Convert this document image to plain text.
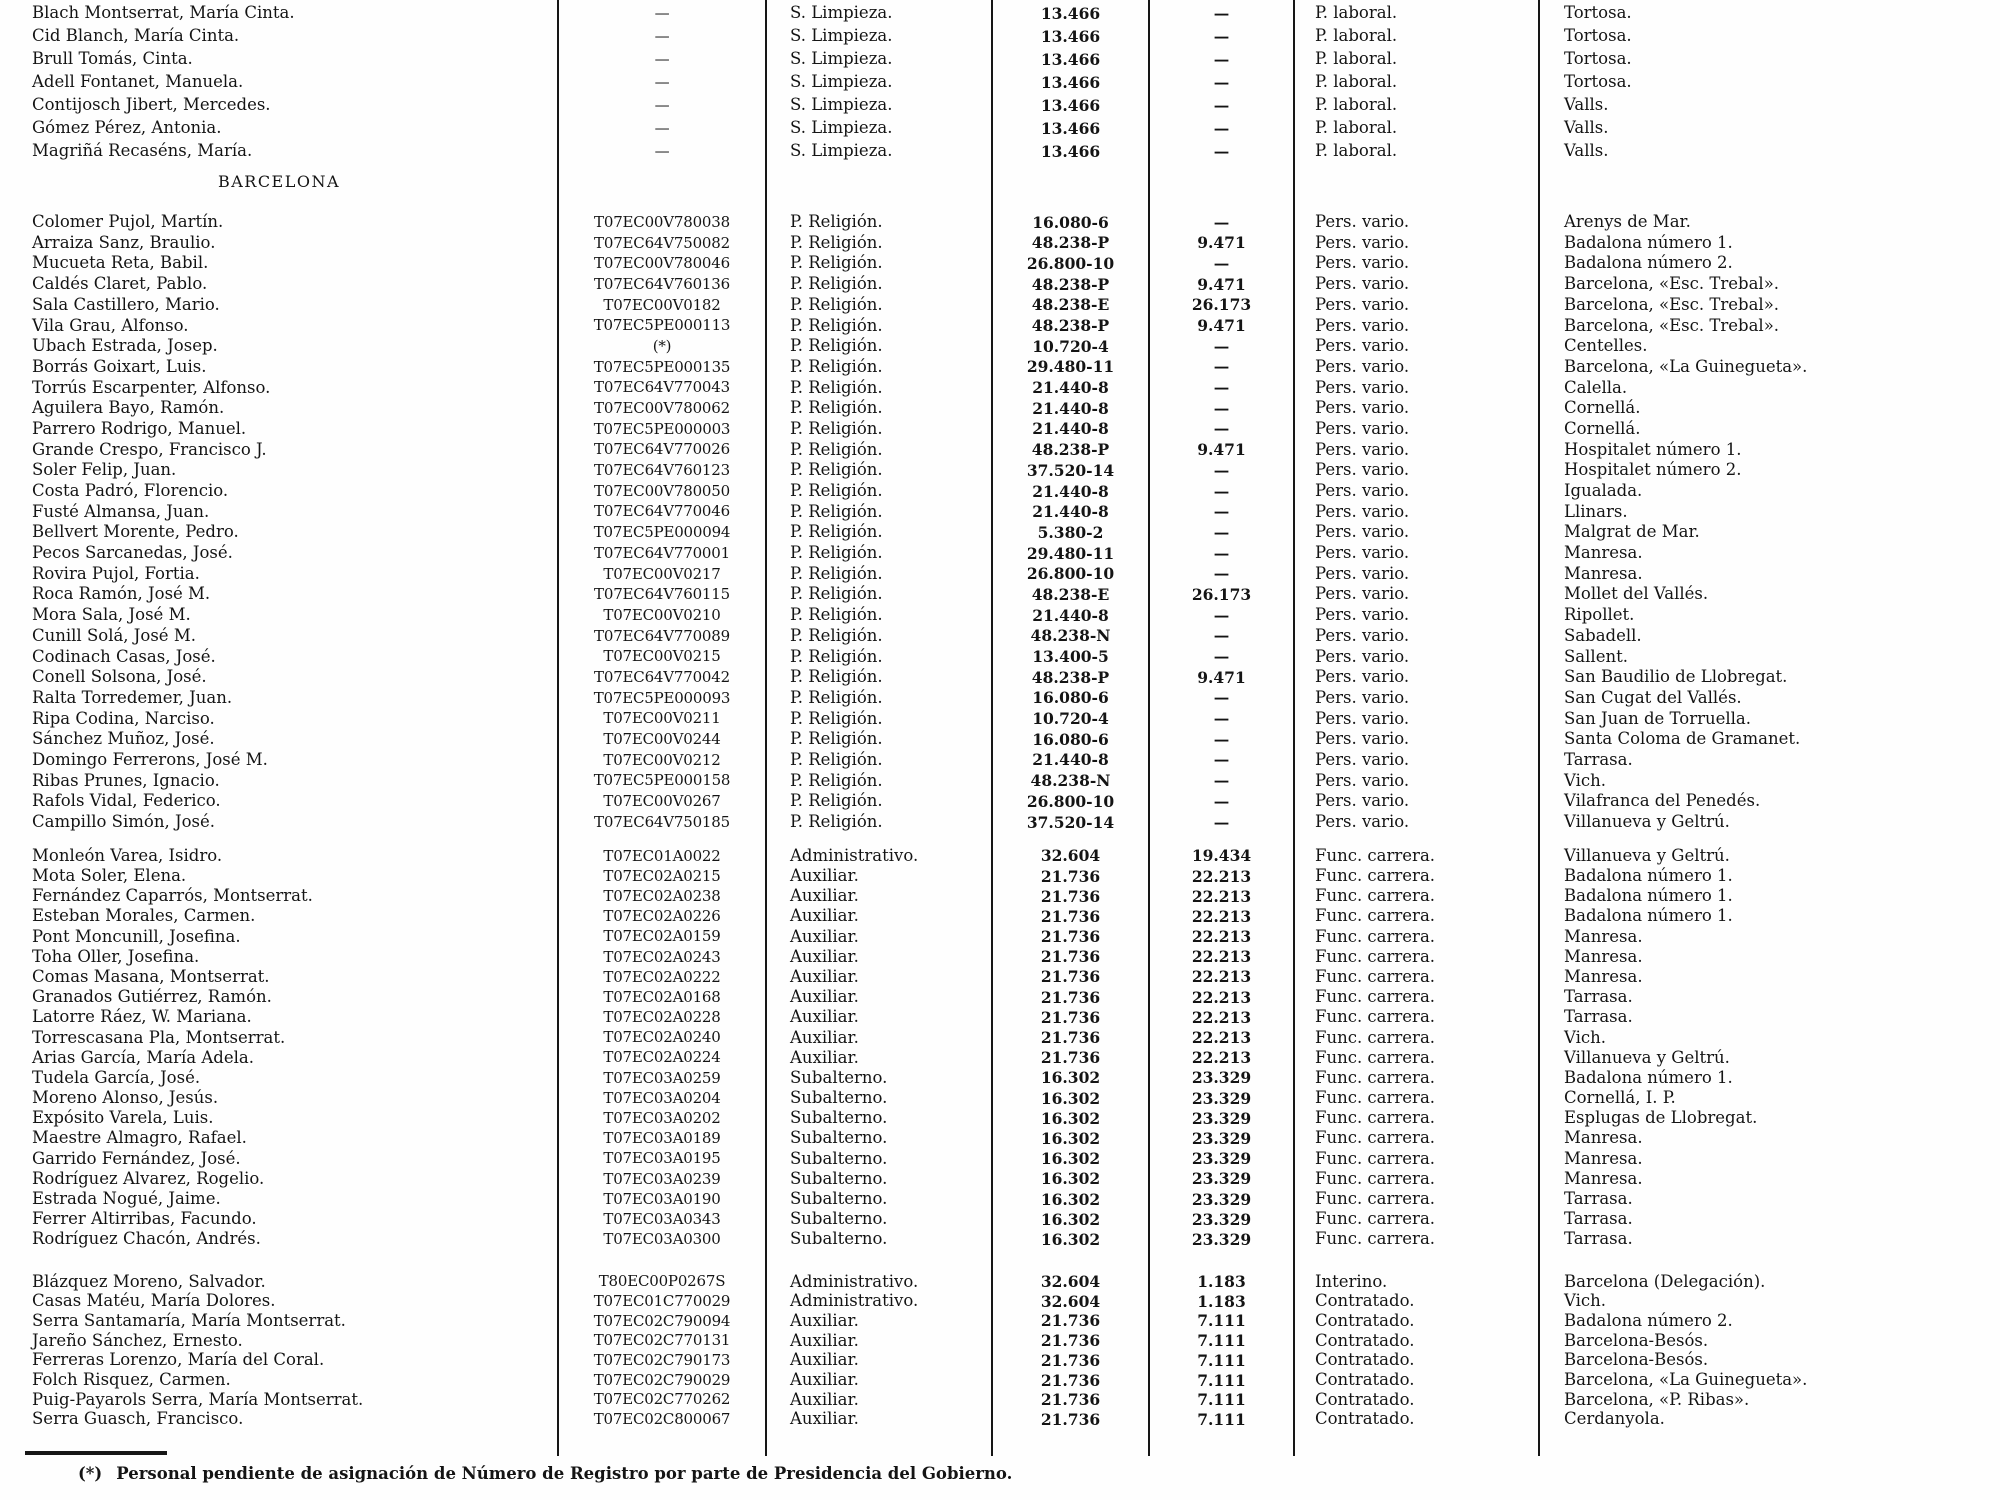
Blach Montserrat, María Cinta.	—	S. Limpieza.	13.466	—	P. laboral.	Tortosa.
Cid Blanch, María Cinta.	—	S. Limpieza.	13.466	—	P. laboral.	Tortosa.
Brull Tomás, Cinta.	—	S. Limpieza.	13.466	—	P. laboral.	Tortosa.
Adell Fontanet, Manuela.	—	S. Limpieza.	13.466	—	P. laboral.	Tortosa.
Contijosch Jibert, Mercedes.	—	S. Limpieza.	13.466	—	P. laboral.	Valls.
Gómez Pérez, Antonia.	—	S. Limpieza.	13.466	—	P. laboral.	Valls.
Magriñá Recaséns, María.	—	S. Limpieza.	13.466	—	P. laboral.	Valls.
BARCELONA
Colomer Pujol, Martín.	T07EC00V780038	P. Religión.	16.080-6	—	Pers. vario.	Arenys de Mar.
Arraiza Sanz, Braulio.	T07EC64V750082	P. Religión.	48.238-P	9.471	Pers. vario.	Badalona número 1.
Mucueta Reta, Babil.	T07EC00V780046	P. Religión.	26.800-10	—	Pers. vario.	Badalona número 2.
Caldés Claret, Pablo.	T07EC64V760136	P. Religión.	48.238-P	9.471	Pers. vario.	Barcelona, «Esc. Trebal».
Sala Castillero, Mario.	T07EC00V0182	P. Religión.	48.238-E	26.173	Pers. vario.	Barcelona, «Esc. Trebal».
Vila Grau, Alfonso.	T07EC5PE000113	P. Religión.	48.238-P	9.471	Pers. vario.	Barcelona, «Esc. Trebal».
Ubach Estrada, Josep.	(*)	P. Religión.	10.720-4	—	Pers. vario.	Centelles.
Borrás Goixart, Luis.	T07EC5PE000135	P. Religión.	29.480-11	—	Pers. vario.	Barcelona, «La Guinegueta».
Torrús Escarpenter, Alfonso.	T07EC64V770043	P. Religión.	21.440-8	—	Pers. vario.	Calella.
Aguilera Bayo, Ramón.	T07EC00V780062	P. Religión.	21.440-8	—	Pers. vario.	Cornellá.
Parrero Rodrigo, Manuel.	T07EC5PE000003	P. Religión.	21.440-8	—	Pers. vario.	Cornellá.
Grande Crespo, Francisco J.	T07EC64V770026	P. Religión.	48.238-P	9.471	Pers. vario.	Hospitalet número 1.
Soler Felip, Juan.	T07EC64V760123	P. Religión.	37.520-14	—	Pers. vario.	Hospitalet número 2.
Costa Padró, Florencio.	T07EC00V780050	P. Religión.	21.440-8	—	Pers. vario.	Igualada.
Fusté Almansa, Juan.	T07EC64V770046	P. Religión.	21.440-8	—	Pers. vario.	Llinars.
Bellvert Morente, Pedro.	T07EC5PE000094	P. Religión.	5.380-2	—	Pers. vario.	Malgrat de Mar.
Pecos Sarcanedas, José.	T07EC64V770001	P. Religión.	29.480-11	—	Pers. vario.	Manresa.
Rovira Pujol, Fortia.	T07EC00V0217	P. Religión.	26.800-10	—	Pers. vario.	Manresa.
Roca Ramón, José M.	T07EC64V760115	P. Religión.	48.238-E	26.173	Pers. vario.	Mollet del Vallés.
Mora Sala, José M.	T07EC00V0210	P. Religión.	21.440-8	—	Pers. vario.	Ripollet.
Cunill Solá, José M.	T07EC64V770089	P. Religión.	48.238-N	—	Pers. vario.	Sabadell.
Codinach Casas, José.	T07EC00V0215	P. Religión.	13.400-5	—	Pers. vario.	Sallent.
Conell Solsona, José.	T07EC64V770042	P. Religión.	48.238-P	9.471	Pers. vario.	San Baudilio de Llobregat.
Ralta Torredemer, Juan.	T07EC5PE000093	P. Religión.	16.080-6	—	Pers. vario.	San Cugat del Vallés.
Ripa Codina, Narciso.	T07EC00V0211	P. Religión.	10.720-4	—	Pers. vario.	San Juan de Torruella.
Sánchez Muñoz, José.	T07EC00V0244	P. Religión.	16.080-6	—	Pers. vario.	Santa Coloma de Gramanet.
Domingo Ferrerons, José M.	T07EC00V0212	P. Religión.	21.440-8	—	Pers. vario.	Tarrasa.
Ribas Prunes, Ignacio.	T07EC5PE000158	P. Religión.	48.238-N	—	Pers. vario.	Vich.
Rafols Vidal, Federico.	T07EC00V0267	P. Religión.	26.800-10	—	Pers. vario.	Vilafranca del Penedés.
Campillo Simón, José.	T07EC64V750185	P. Religión.	37.520-14	—	Pers. vario.	Villanueva y Geltrú.
Monleón Varea, Isidro.	T07EC01A0022	Administrativo.	32.604	19.434	Func. carrera.	Villanueva y Geltrú.
Mota Soler, Elena.	T07EC02A0215	Auxiliar.	21.736	22.213	Func. carrera.	Badalona número 1.
Fernández Caparrós, Montserrat.	T07EC02A0238	Auxiliar.	21.736	22.213	Func. carrera.	Badalona número 1.
Esteban Morales, Carmen.	T07EC02A0226	Auxiliar.	21.736	22.213	Func. carrera.	Badalona número 1.
Pont Moncunill, Josefina.	T07EC02A0159	Auxiliar.	21.736	22.213	Func. carrera.	Manresa.
Toha Oller, Josefina.	T07EC02A0243	Auxiliar.	21.736	22.213	Func. carrera.	Manresa.
Comas Masana, Montserrat.	T07EC02A0222	Auxiliar.	21.736	22.213	Func. carrera.	Manresa.
Granados Gutiérrez, Ramón.	T07EC02A0168	Auxiliar.	21.736	22.213	Func. carrera.	Tarrasa.
Latorre Ráez, W. Mariana.	T07EC02A0228	Auxiliar.	21.736	22.213	Func. carrera.	Tarrasa.
Torrescasana Pla, Montserrat.	T07EC02A0240	Auxiliar.	21.736	22.213	Func. carrera.	Vich.
Arias García, María Adela.	T07EC02A0224	Auxiliar.	21.736	22.213	Func. carrera.	Villanueva y Geltrú.
Tudela García, José.	T07EC03A0259	Subalterno.	16.302	23.329	Func. carrera.	Badalona número 1.
Moreno Alonso, Jesús.	T07EC03A0204	Subalterno.	16.302	23.329	Func. carrera.	Cornellá, I. P.
Expósito Varela, Luis.	T07EC03A0202	Subalterno.	16.302	23.329	Func. carrera.	Esplugas de Llobregat.
Maestre Almagro, Rafael.	T07EC03A0189	Subalterno.	16.302	23.329	Func. carrera.	Manresa.
Garrido Fernández, José.	T07EC03A0195	Subalterno.	16.302	23.329	Func. carrera.	Manresa.
Rodríguez Alvarez, Rogelio.	T07EC03A0239	Subalterno.	16.302	23.329	Func. carrera.	Manresa.
Estrada Nogué, Jaime.	T07EC03A0190	Subalterno.	16.302	23.329	Func. carrera.	Tarrasa.
Ferrer Altirribas, Facundo.	T07EC03A0343	Subalterno.	16.302	23.329	Func. carrera.	Tarrasa.
Rodríguez Chacón, Andrés.	T07EC03A0300	Subalterno.	16.302	23.329	Func. carrera.	Tarrasa.
Blázquez Moreno, Salvador.	T80EC00P0267S	Administrativo.	32.604	1.183	Interino.	Barcelona (Delegación).
Casas Matéu, María Dolores.	T07EC01C770029	Administrativo.	32.604	1.183	Contratado.	Vich.
Serra Santamaría, María Montserrat.	T07EC02C790094	Auxiliar.	21.736	7.111	Contratado.	Badalona número 2.
Jareño Sánchez, Ernesto.	T07EC02C770131	Auxiliar.	21.736	7.111	Contratado.	Barcelona-Besós.
Ferreras Lorenzo, María del Coral.	T07EC02C790173	Auxiliar.	21.736	7.111	Contratado.	Barcelona-Besós.
Folch Risquez, Carmen.	T07EC02C790029	Auxiliar.	21.736	7.111	Contratado.	Barcelona, «La Guinegueta».
Puig-Payarols Serra, María Montserrat.	T07EC02C770262	Auxiliar.	21.736	7.111	Contratado.	Barcelona, «P. Ribas».
Serra Guasch, Francisco.	T07EC02C800067	Auxiliar.	21.736	7.111	Contratado.	Cerdanyola.
(*) Personal pendiente de asignación de Número de Registro por parte de Presidencia del Gobierno.
